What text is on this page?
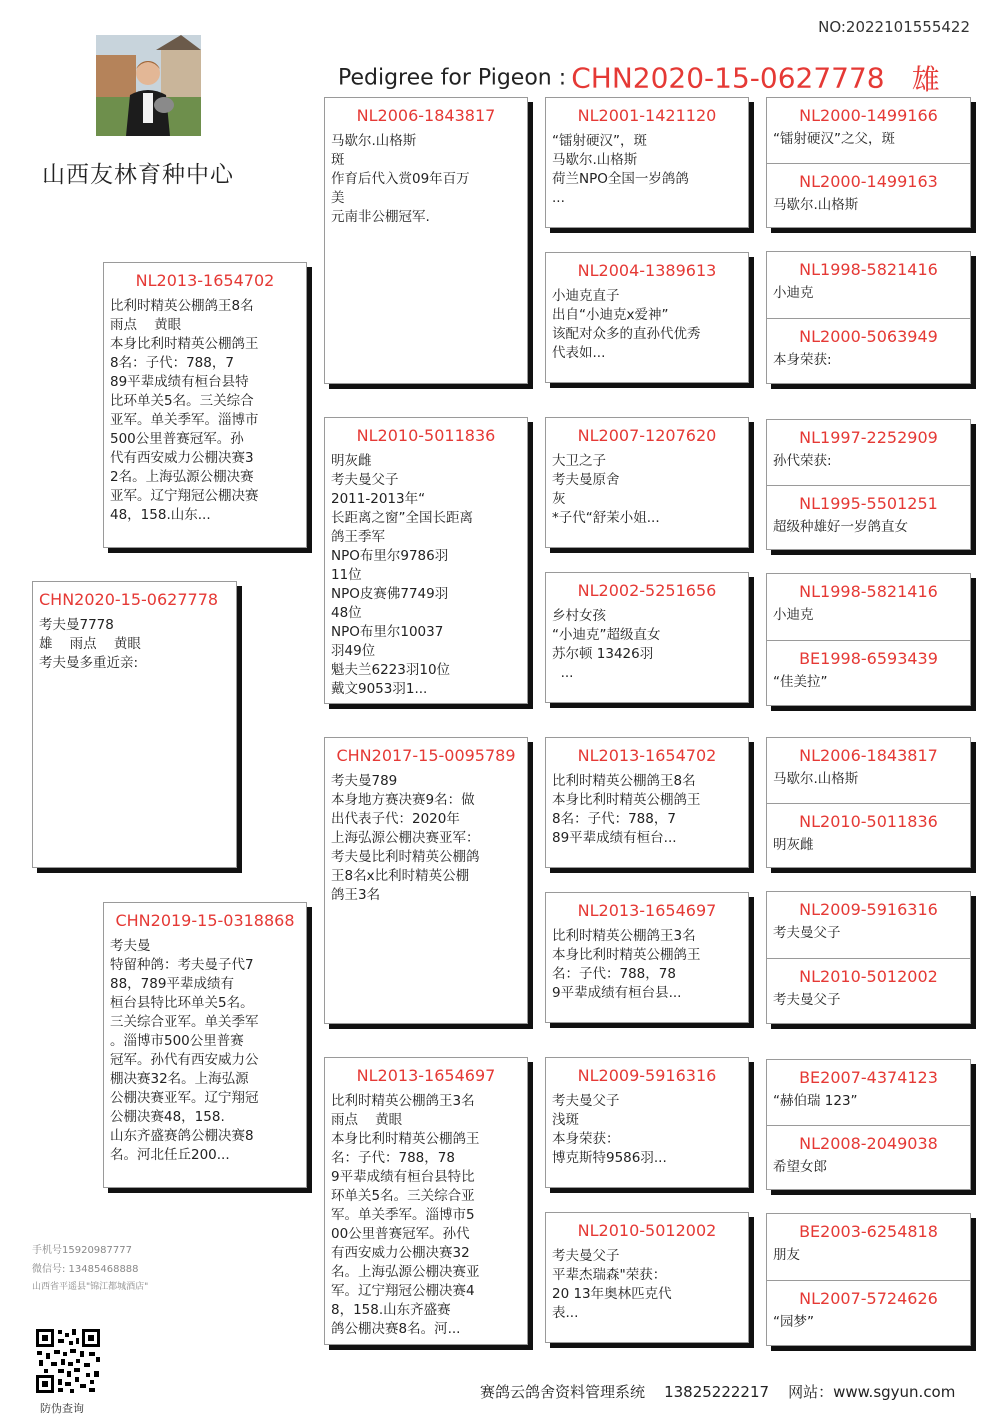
NO:2022101555422
山西友林育种中心
Pedigree for Pigeon : CHN2020-15-0627778 雄
CHN2020-15-0627778
考夫曼7778
雄    雨点    黄眼
考夫曼多重近亲:
NL2013-1654702
比利时精英公棚鸽王8名
雨点    黄眼
本身比利时精英公棚鸽王
8名：子代：788，7
89平辈成绩有桓台县特
比环单关5名。三关综合
亚军。单关季军。淄博市
500公里普赛冠军。孙
代有西安威力公棚决赛3
2名。上海弘源公棚决赛
亚军。辽宁翔冠公棚决赛
48，158.山东...
CHN2019-15-0318868
考夫曼
特留种鸽：考夫曼子代7
88，789平辈成绩有
桓台县特比环单关5名。
三关综合亚军。单关季军
。淄博市500公里普赛
冠军。孙代有西安威力公
棚决赛32名。上海弘源
公棚决赛亚军。辽宁翔冠
公棚决赛48，158.
山东齐盛赛鸽公棚决赛8
名。河北任丘200...
NL2006-1843817
马歇尔.山格斯
斑
作育后代入赏09年百万
美
元南非公棚冠军.
NL2010-5011836
明灰雌
考夫曼父子
2011-2013年“
长距离之窗”全国长距离
鸽王季军
NPO布里尔9786羽
11位
NPO皮赛佛7749羽
48位
NPO布里尔10037
羽49位
魁夫兰6223羽10位
戴文9053羽1...
CHN2017-15-0095789
考夫曼789
本身地方赛决赛9名：做
出代表子代：2020年
上海弘源公棚决赛亚军：
考夫曼比利时精英公棚鸽
王8名x比利时精英公棚
鸽王3名
NL2013-1654697
比利时精英公棚鸽王3名
雨点    黄眼
本身比利时精英公棚鸽王
名：子代：788，78
9平辈成绩有桓台县特比
环单关5名。三关综合亚
军。单关季军。淄博市5
00公里普赛冠军。孙代
有西安威力公棚决赛32
名。上海弘源公棚决赛亚
军。辽宁翔冠公棚决赛4
8，158.山东齐盛赛
鸽公棚决赛8名。河...
NL2001-1421120
“镭射硬汉”，斑
马歇尔.山格斯
荷兰NPO全国一岁鸽鸽
...
NL2004-1389613
小迪克直子
出自“小迪克x爱神”
该配对众多的直孙代优秀
代表如...
NL2007-1207620
大卫之子
考夫曼原舍
灰
*子代“舒茉小姐...
NL2002-5251656
乡村女孩
“小迪克”超级直女
苏尔顿 13426羽
...
NL2013-1654702
比利时精英公棚鸽王8名
本身比利时精英公棚鸽王
8名：子代：788，7
89平辈成绩有桓台...
NL2013-1654697
比利时精英公棚鸽王3名
本身比利时精英公棚鸽王
名：子代：788，78
9平辈成绩有桓台县...
NL2009-5916316
考夫曼父子
浅斑
本身荣获：
博克斯特9586羽...
NL2010-5012002
考夫曼父子
平辈杰瑞森"荣获：
20 13年奥林匹克代
表...
NL2000-1499166
“镭射硬汉”之父，斑
NL2000-1499163
马歇尔.山格斯
NL1998-5821416
小迪克
NL2000-5063949
本身荣获:
NL1997-2252909
孙代荣获:
NL1995-5501251
超级种雄好一岁鸽直女
NL1998-5821416
小迪克
BE1998-6593439
“佳美拉”
NL2006-1843817
马歇尔.山格斯
NL2010-5011836
明灰雌
NL2009-5916316
考夫曼父子
NL2010-5012002
考夫曼父子
BE2007-4374123
“赫伯瑞 123”
NL2008-2049038
希望女郎
BE2003-6254818
朋友
NL2007-5724626
“园梦”
手机号15920987777
微信号: 13485468888
山西省平遥县"锦江都城酒店"
防伪查询
赛鸽云鸽舍资料管理系统    13825222217    网站：www.sgyun.com
